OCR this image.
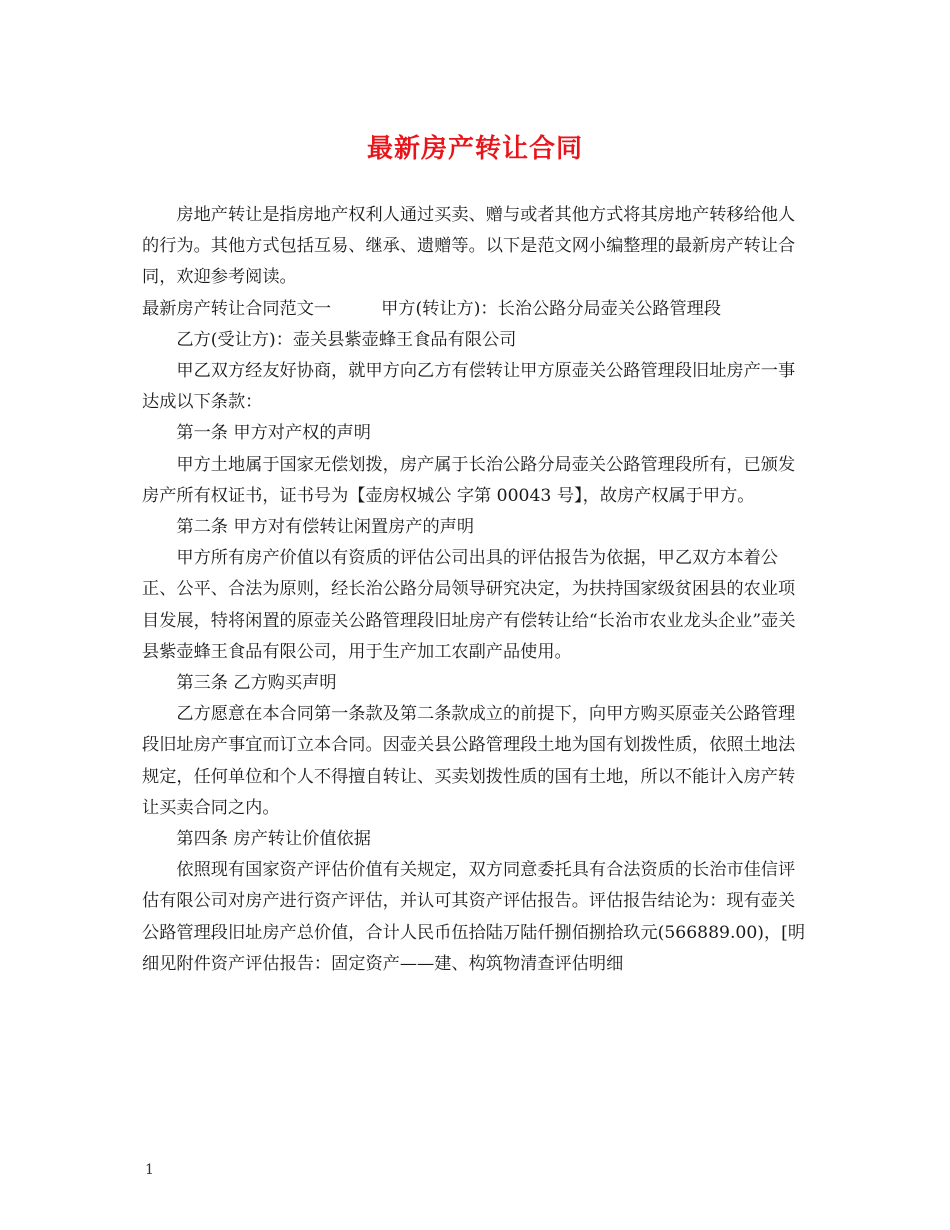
最新房产转让合同

房地产转让是指房地产权利人通过买卖、赠与或者其他方式将其房地产转移给他人的行为。其他方式包括互易、继承、遗赠等。以下是范文网小编整理的最新房产转让合同，欢迎参考阅读。

最新房产转让合同范文一	甲方(转让方)：长治公路分局壶关公路管理段

乙方(受让方)：壶关县紫壶蜂王食品有限公司

甲乙双方经友好协商，就甲方向乙方有偿转让甲方原壶关公路管理段旧址房产一事达成以下条款：

第一条 甲方对产权的声明

甲方土地属于国家无偿划拨，房产属于长治公路分局壶关公路管理段所有，已颁发房产所有权证书，证书号为【壶房权城公 字第 00043 号】，故房产权属于甲方。

第二条 甲方对有偿转让闲置房产的声明

甲方所有房产价值以有资质的评估公司出具的评估报告为依据，甲乙双方本着公正、公平、合法为原则，经长治公路分局领导研究决定，为扶持国家级贫困县的农业项目发展，特将闲置的原壶关公路管理段旧址房产有偿转让给“长治市农业龙头企业”壶关县紫壶蜂王食品有限公司，用于生产加工农副产品使用。

第三条 乙方购买声明

乙方愿意在本合同第一条款及第二条款成立的前提下，向甲方购买原壶关公路管理段旧址房产事宜而订立本合同。因壶关县公路管理段土地为国有划拨性质，依照土地法规定，任何单位和个人不得擅自转让、买卖划拨性质的国有土地，所以不能计入房产转让买卖合同之内。

第四条 房产转让价值依据

依照现有国家资产评估价值有关规定，双方同意委托具有合法资质的长治市佳信评估有限公司对房产进行资产评估，并认可其资产评估报告。评估报告结论为：现有壶关公路管理段旧址房产总价值，合计人民币伍拾陆万陆仟捌佰捌拾玖元(566889.00)，[明细见附件资产评估报告：固定资产——建、构筑物清查评估明细

1
